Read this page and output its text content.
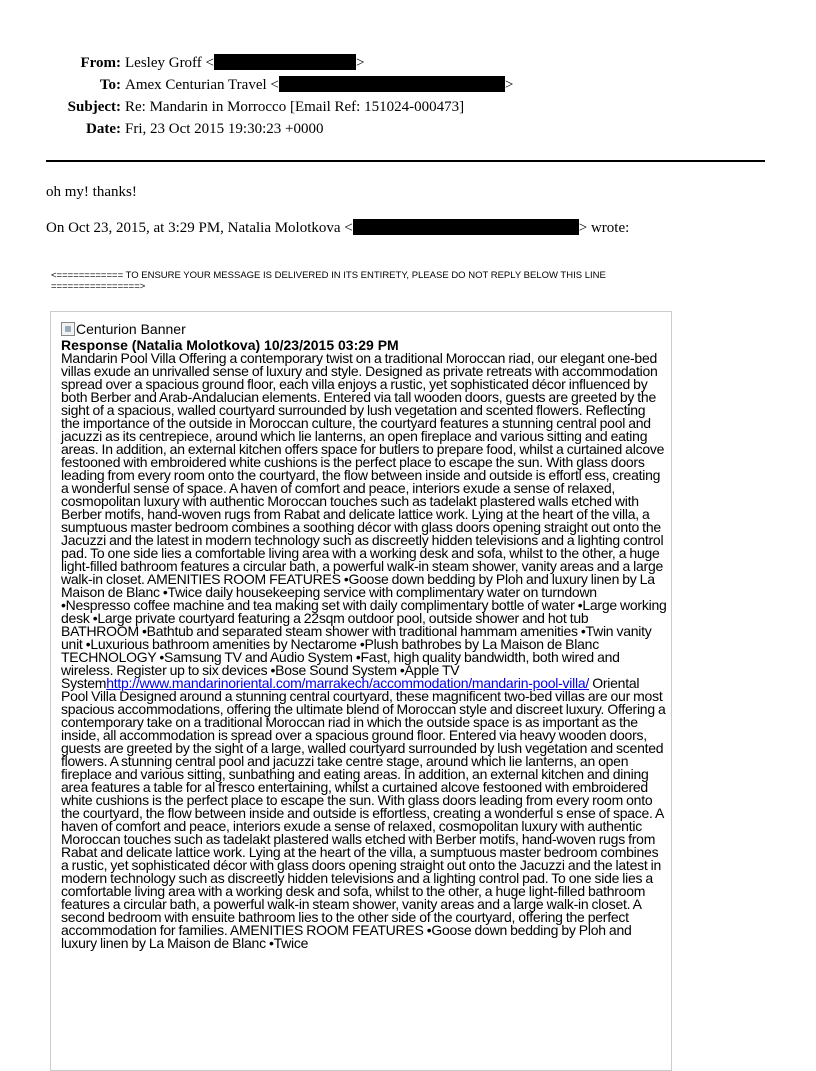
From: Lesley Groff <	>
To: Amex Centurian Travel <	>
Subject: Re: Mandarin in Morrocco [Email Ref: 151024-000473]
Date: Fri, 23 Oct 2015 19:30:23 +0000
oh my! thanks!
On Oct 23, 2015, at 3:29 PM, Natalia Molotkova <	> wrote:
<============ TO ENSURE YOUR MESSAGE IS DELIVERED IN ITS ENTIRETY, PLEASE DO NOT REPLY BELOW THIS LINE
================>
Centurion Banner
Response (Natalia Molotkova) 10/23/2015 03:29 PM
Mandarin Pool Villa Offering a contemporary twist on a traditional Moroccan riad, our elegant one-bed villas exude an unrivalled sense of luxury and style. Designed as private retreats with accommodation spread over a spacious ground floor, each villa enjoys a rustic, yet sophisticated décor influenced by both Berber and Arab-Andalucian elements. Entered via tall wooden doors, guests are greeted by the sight of a spacious, walled courtyard surrounded by lush vegetation and scented flowers. Reflecting the importance of the outside in Moroccan culture, the courtyard features a stunning central pool and jacuzzi as its centrepiece, around which lie lanterns, an open fireplace and various sitting and eating areas. In addition, an external kitchen offers space for butlers to prepare food, whilst a curtained alcove festooned with embroidered white cushions is the perfect place to escape the sun. With glass doors leading from every room onto the courtyard, the flow between inside and outside is effortl ess, creating a wonderful sense of space. A haven of comfort and peace, interiors exude a sense of relaxed, cosmopolitan luxury with authentic Moroccan touches such as tadelakt plastered walls etched with Berber motifs, hand-woven rugs from Rabat and delicate lattice work. Lying at the heart of the villa, a sumptuous master bedroom combines a soothing décor with glass doors opening straight out onto the Jacuzzi and the latest in modern technology such as discreetly hidden televisions and a lighting control pad. To one side lies a comfortable living area with a working desk and sofa, whilst to the other, a huge light-filled bathroom features a circular bath, a powerful walk-in steam shower, vanity areas and a large walk-in closet. AMENITIES ROOM FEATURES •Goose down bedding by Ploh and luxury linen by La Maison de Blanc •Twice daily housekeeping service with complimentary water on turndown •Nespresso coffee machine and tea making set with daily complimentary bottle of water •Large working desk •Large private courtyard featuring a 22sqm outdoor pool, outside shower and hot tub BATHROOM •Bathtub and separated steam shower with traditional hammam amenities •Twin vanity unit •Luxurious bathroom amenities by Nectarome •Plush bathrobes by La Maison de Blanc TECHNOLOGY •Samsung TV and Audio System •Fast, high quality bandwidth, both wired and wireless. Register up to six devices •Bose Sound System •Apple TV Systemhttp://www.mandarinoriental.com/marrakech/accommodation/mandarin-pool-villa/ Oriental Pool Villa Designed around a stunning central courtyard, these magnificent two-bed villas are our most spacious accommodations, offering the ultimate blend of Moroccan style and discreet luxury. Offering a contemporary take on a traditional Moroccan riad in which the outside space is as important as the inside, all accommodation is spread over a spacious ground floor. Entered via heavy wooden doors, guests are greeted by the sight of a large, walled courtyard surrounded by lush vegetation and scented flowers. A stunning central pool and jacuzzi take centre stage, around which lie lanterns, an open fireplace and various sitting, sunbathing and eating areas. In addition, an external kitchen and dining area features a table for al fresco entertaining, whilst a curtained alcove festooned with embroidered white cushions is the perfect place to escape the sun. With glass doors leading from every room onto the courtyard, the flow between inside and outside is effortless, creating a wonderful s ense of space. A haven of comfort and peace, interiors exude a sense of relaxed, cosmopolitan luxury with authentic Moroccan touches such as tadelakt plastered walls etched with Berber motifs, hand-woven rugs from Rabat and delicate lattice work. Lying at the heart of the villa, a sumptuous master bedroom combines a rustic, yet sophisticated décor with glass doors opening straight out onto the Jacuzzi and the latest in modern technology such as discreetly hidden televisions and a lighting control pad. To one side lies a comfortable living area with a working desk and sofa, whilst to the other, a huge light-filled bathroom features a circular bath, a powerful walk-in steam shower, vanity areas and a large walk-in closet. A second bedroom with ensuite bathroom lies to the other side of the courtyard, offering the perfect accommodation for families. AMENITIES ROOM FEATURES •Goose down bedding by Ploh and luxury linen by La Maison de Blanc •Twice
